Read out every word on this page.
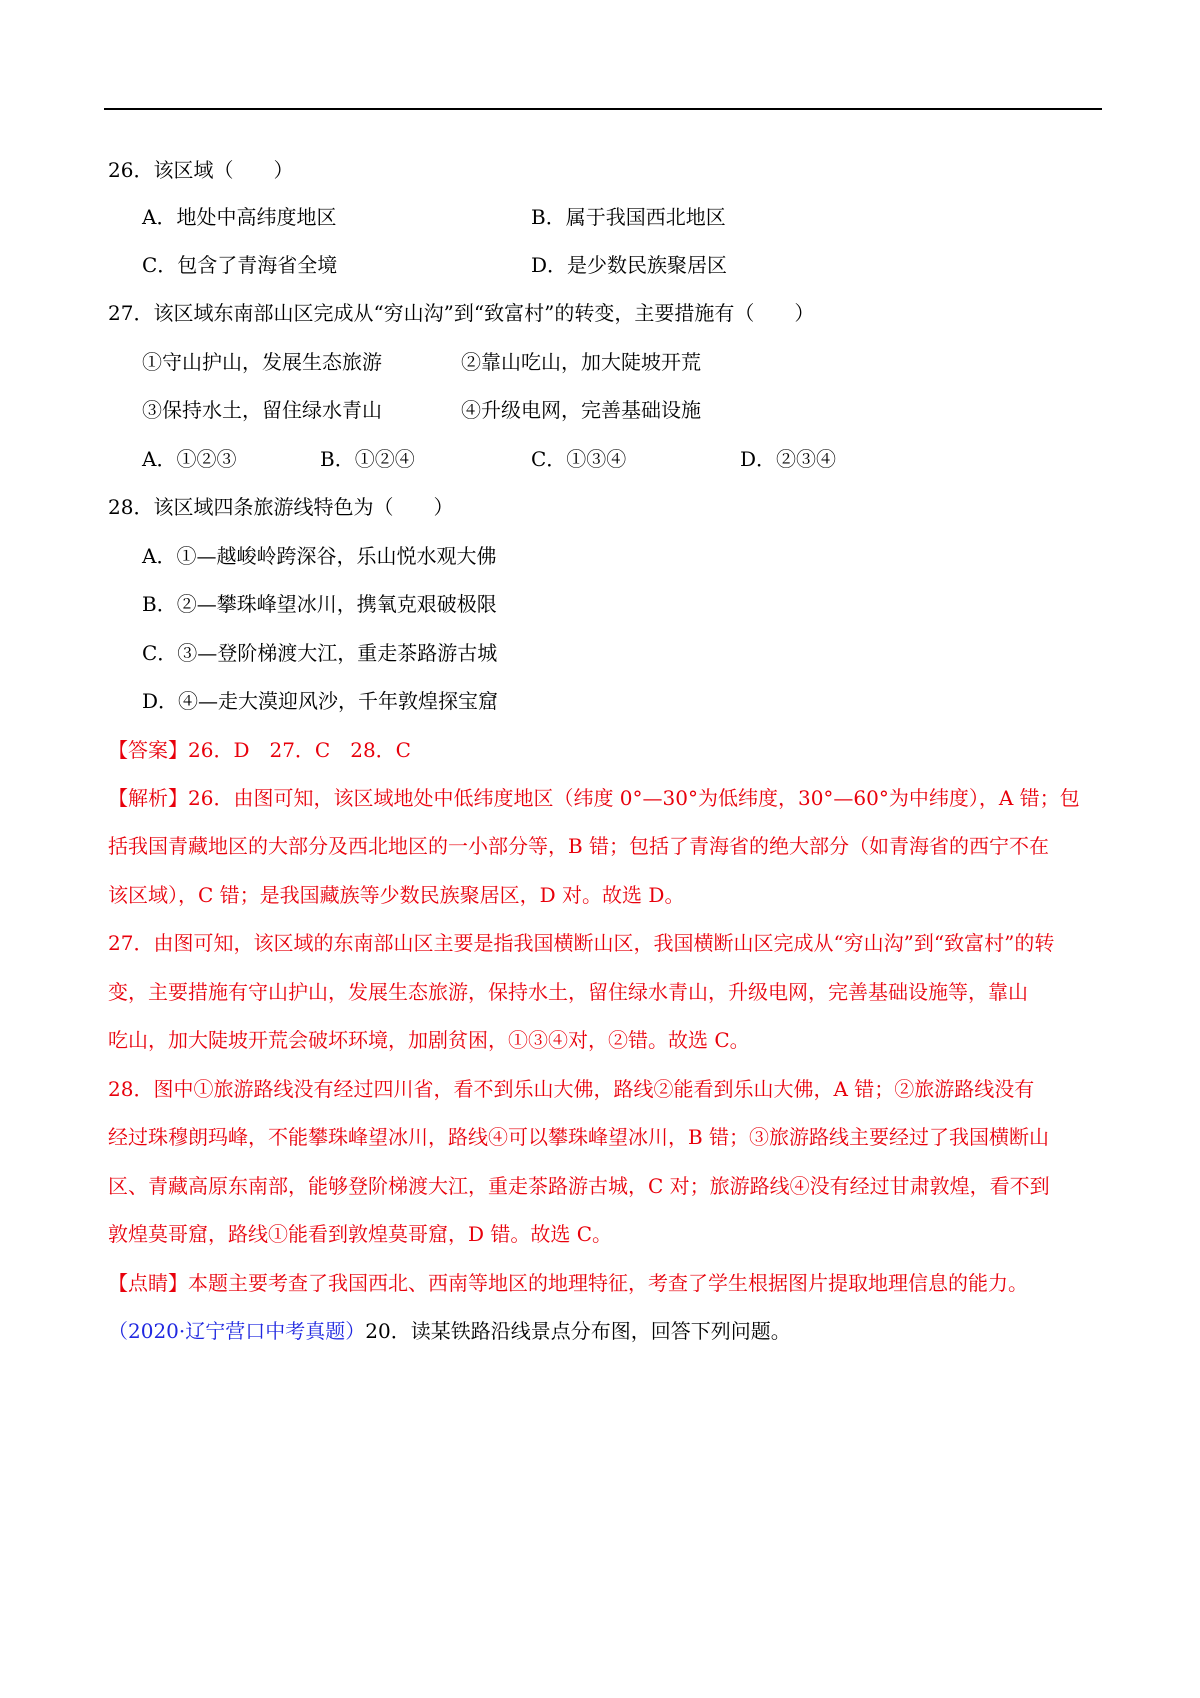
26．该区域（　　）
A．地处中高纬度地区	B．属于我国西北地区
C．包含了青海省全境	D．是少数民族聚居区
27．该区域东南部山区完成从“穷山沟”到“致富村”的转变，主要措施有（　　）
①守山护山，发展生态旅游	②靠山吃山，加大陡坡开荒
③保持水土，留住绿水青山	④升级电网，完善基础设施
A．①②③	B．①②④	C．①③④	D．②③④
28．该区域四条旅游线特色为（　　）
A．①—越峻岭跨深谷，乐山悦水观大佛
B．②—攀珠峰望冰川，携氧克艰破极限
C．③—登阶梯渡大江，重走茶路游古城
D．④—走大漠迎风沙，千年敦煌探宝窟
【答案】26．D　27．C　28．C
【解析】26．由图可知，该区域地处中低纬度地区（纬度 0°—30°为低纬度，30°—60°为中纬度），A 错；包
括我国青藏地区的大部分及西北地区的一小部分等，B 错；包括了青海省的绝大部分（如青海省的西宁不在
该区域），C 错；是我国藏族等少数民族聚居区，D 对。故选 D。
27．由图可知，该区域的东南部山区主要是指我国横断山区，我国横断山区完成从“穷山沟”到“致富村”的转
变，主要措施有守山护山，发展生态旅游，保持水土，留住绿水青山，升级电网，完善基础设施等，靠山
吃山，加大陡坡开荒会破坏环境，加剧贫困，①③④对，②错。故选 C。
28．图中①旅游路线没有经过四川省，看不到乐山大佛，路线②能看到乐山大佛，A 错；②旅游路线没有
经过珠穆朗玛峰，不能攀珠峰望冰川，路线④可以攀珠峰望冰川，B 错；③旅游路线主要经过了我国横断山
区、青藏高原东南部，能够登阶梯渡大江，重走茶路游古城，C 对；旅游路线④没有经过甘肃敦煌，看不到
敦煌莫哥窟，路线①能看到敦煌莫哥窟，D 错。故选 C。
【点睛】本题主要考查了我国西北、西南等地区的地理特征，考查了学生根据图片提取地理信息的能力。
（2020·辽宁营口中考真题）20．读某铁路沿线景点分布图，回答下列问题。
